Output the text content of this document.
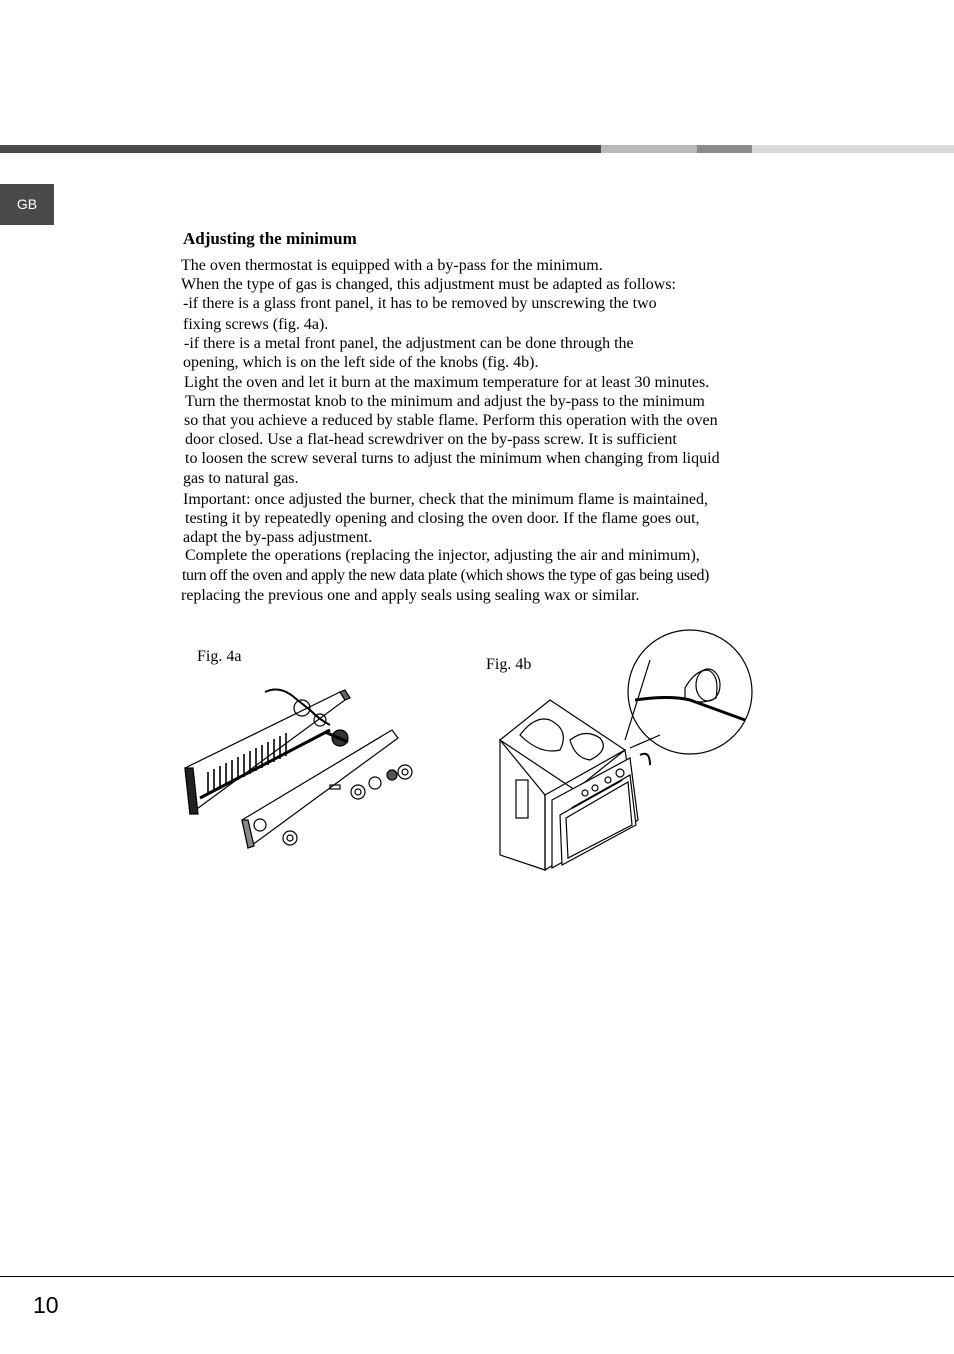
GB
Adjusting the minimum

The oven thermostat is equipped with a by-pass for the minimum.

When the type of gas is changed, this adjustment must be adapted as follows:

-if there is a glass front panel, it has to be removed by unscrewing the two

fixing screws (fig. 4a).

-if there is a metal front panel, the adjustment can be done through the

opening, which is on the left side of the knobs (fig. 4b).

Light the oven and let it burn at the maximum temperature for at least 30 minutes.

Turn the thermostat knob to the minimum and adjust the by-pass to the minimum

so that you achieve a reduced by stable flame. Perform this operation with the oven

door closed. Use a flat-head screwdriver on the by-pass screw. It is sufficient

to loosen the screw several turns to adjust the minimum when changing from liquid

gas to natural gas.

Important: once adjusted the burner, check that the minimum flame is maintained,

testing it by repeatedly opening and closing the oven door. If the flame goes out,

adapt the by-pass adjustment.

Complete the operations (replacing the injector, adjusting the air and minimum),

turn off the oven and apply the new data plate (which shows the type of gas being used)

replacing the previous one and apply seals using sealing wax or similar.

Fig. 4a	Fig. 4b
10
